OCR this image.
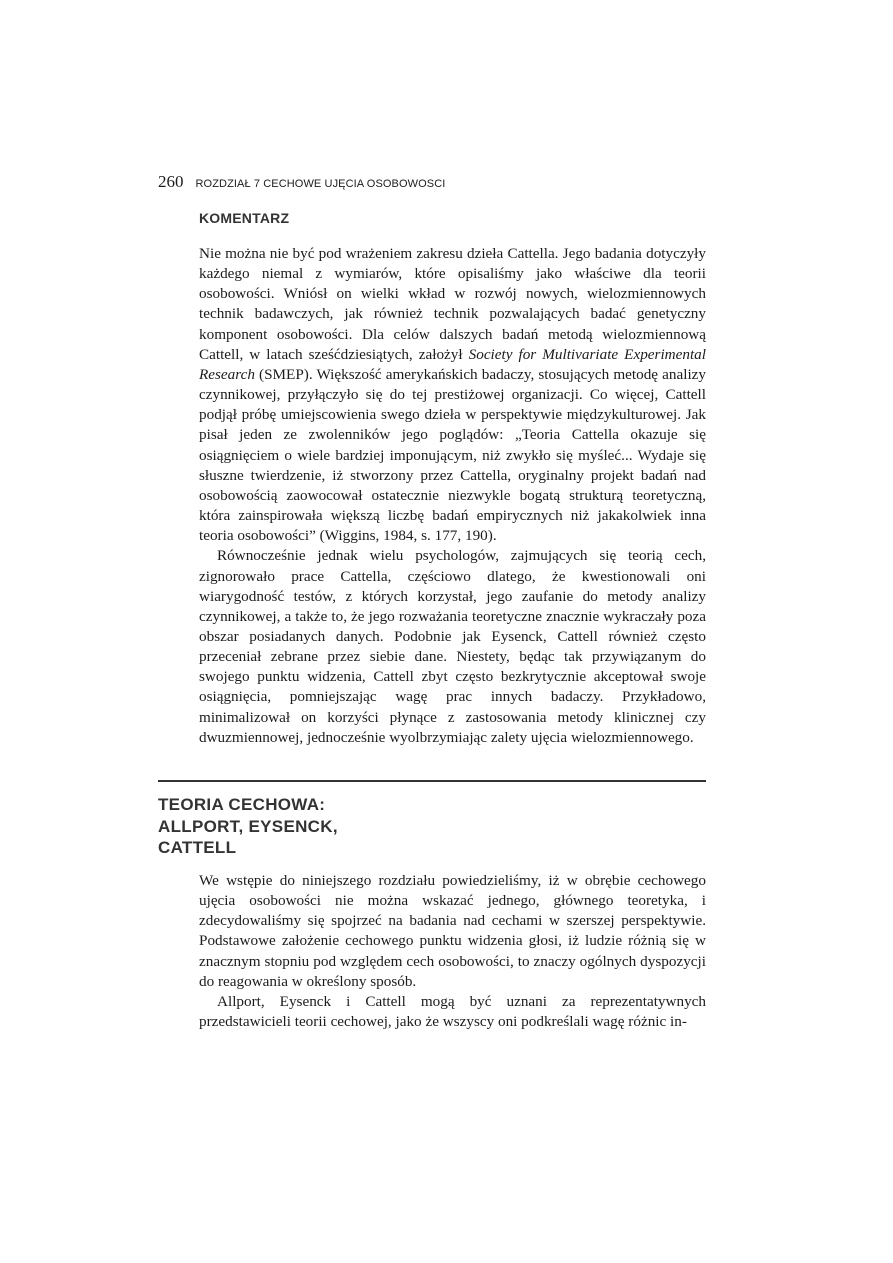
260 ROZDZIAŁ 7 CECHOWE UJĘCIA OSOBOWOSCI
KOMENTARZ

Nie można nie być pod wrażeniem zakresu dzieła Cattella. Jego badania dotyczyły każdego niemal z wymiarów, które opisaliśmy jako właściwe dla teorii osobowości. Wniósł on wielki wkład w rozwój nowych, wielozmiennowych technik badawczych, jak również technik pozwalających badać genetyczny komponent osobowości. Dla celów dalszych badań metodą wielozmiennową Cattell, w latach sześćdziesiątych, założył Society for Multivariate Experimental Research (SMEP). Większość amerykańskich badaczy, stosujących metodę analizy czynnikowej, przyłączyło się do tej prestiżowej organizacji. Co więcej, Cattell podjął próbę umiejscowienia swego dzieła w perspektywie międzykulturowej. Jak pisał jeden ze zwolenników jego poglądów: „Teoria Cattella okazuje się osiągnięciem o wiele bardziej imponującym, niż zwykło się myśleć... Wydaje się słuszne twierdzenie, iż stworzony przez Cattella, oryginalny projekt badań nad osobowością zaowocował ostatecznie niezwykle bogatą strukturą teoretyczną, która zainspirowała większą liczbę badań empirycznych niż jakakolwiek inna teoria osobowości” (Wiggins, 1984, s. 177, 190).

Równocześnie jednak wielu psychologów, zajmujących się teorią cech, zignorowało prace Cattella, częściowo dlatego, że kwestionowali oni wiarygodność testów, z których korzystał, jego zaufanie do metody analizy czynnikowej, a także to, że jego rozważania teoretyczne znacznie wykraczały poza obszar posiadanych danych. Podobnie jak Eysenck, Cattell również często przeceniał zebrane przez siebie dane. Niestety, będąc tak przywiązanym do swojego punktu widzenia, Cattell zbyt często bezkrytycznie akceptował swoje osiągnięcia, pomniejszając wagę prac innych badaczy. Przykładowo, minimalizował on korzyści płynące z zastosowania metody klinicznej czy dwuzmiennowej, jednocześnie wyolbrzymiając zalety ujęcia wielozmiennowego.

TEORIA CECHOWA:
ALLPORT, EYSENCK,
CATTELL

We wstępie do niniejszego rozdziału powiedzieliśmy, iż w obrębie cechowego ujęcia osobowości nie można wskazać jednego, głównego teoretyka, i zdecydowaliśmy się spojrzeć na badania nad cechami w szerszej perspektywie. Podstawowe założenie cechowego punktu widzenia głosi, iż ludzie różnią się w znacznym stopniu pod względem cech osobowości, to znaczy ogólnych dyspozycji do reagowania w określony sposób.

Allport, Eysenck i Cattell mogą być uznani za reprezentatywnych przedstawicieli teorii cechowej, jako że wszyscy oni podkreślali wagę różnic in-
